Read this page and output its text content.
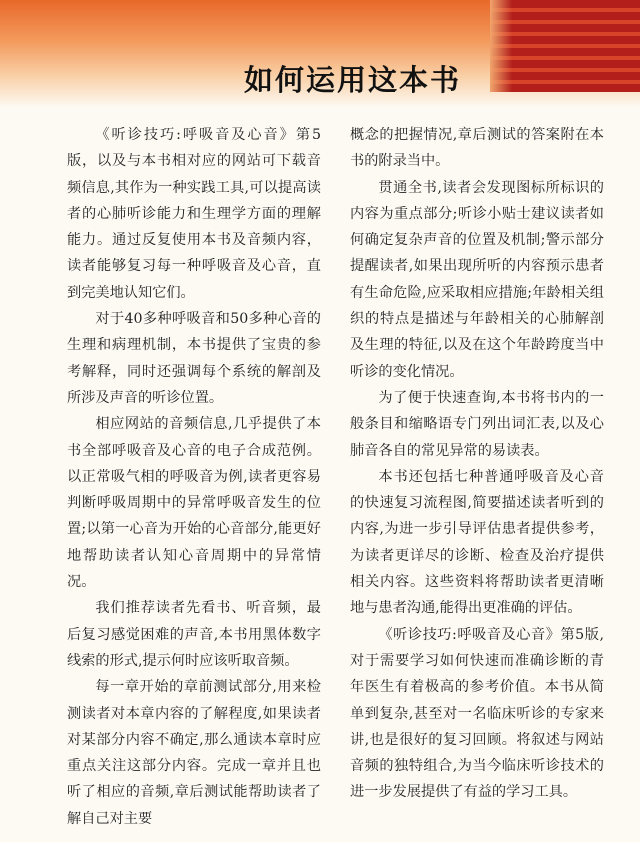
如何运用这本书

《听诊技巧:呼吸音及心音》第5版，以及与本书相对应的网站可下载音频信息,其作为一种实践工具,可以提高读者的心肺听诊能力和生理学方面的理解能力。通过反复使用本书及音频内容，读者能够复习每一种呼吸音及心音，直到完美地认知它们。

对于40多种呼吸音和50多种心音的生理和病理机制，本书提供了宝贵的参考解释，同时还强调每个系统的解剖及所涉及声音的听诊位置。

相应网站的音频信息,几乎提供了本书全部呼吸音及心音的电子合成范例。以正常吸气相的呼吸音为例,读者更容易判断呼吸周期中的异常呼吸音发生的位置;以第一心音为开始的心音部分,能更好地帮助读者认知心音周期中的异常情况。

我们推荐读者先看书、听音频，最后复习感觉困难的声音,本书用黑体数字线索的形式,提示何时应该听取音频。

每一章开始的章前测试部分,用来检测读者对本章内容的了解程度,如果读者对某部分内容不确定,那么通读本章时应重点关注这部分内容。完成一章并且也听了相应的音频,章后测试能帮助读者了解自己对主要

概念的把握情况,章后测试的答案附在本书的附录当中。

贯通全书,读者会发现图标所标识的内容为重点部分;听诊小贴士建议读者如何确定复杂声音的位置及机制;警示部分提醒读者,如果出现所听的内容预示患者有生命危险,应采取相应措施;年龄相关组织的特点是描述与年龄相关的心肺解剖及生理的特征,以及在这个年龄跨度当中听诊的变化情况。

为了便于快速查询,本书将书内的一般条目和缩略语专门列出词汇表,以及心肺音各自的常见异常的易读表。

本书还包括七种普通呼吸音及心音的快速复习流程图,简要描述读者听到的内容,为进一步引导评估患者提供参考，为读者更详尽的诊断、检查及治疗提供相关内容。这些资料将帮助读者更清晰地与患者沟通,能得出更准确的评估。

《听诊技巧:呼吸音及心音》第5版,对于需要学习如何快速而准确诊断的青年医生有着极高的参考价值。本书从简单到复杂,甚至对一名临床听诊的专家来讲,也是很好的复习回顾。将叙述与网站音频的独特组合,为当今临床听诊技术的进一步发展提供了有益的学习工具。
